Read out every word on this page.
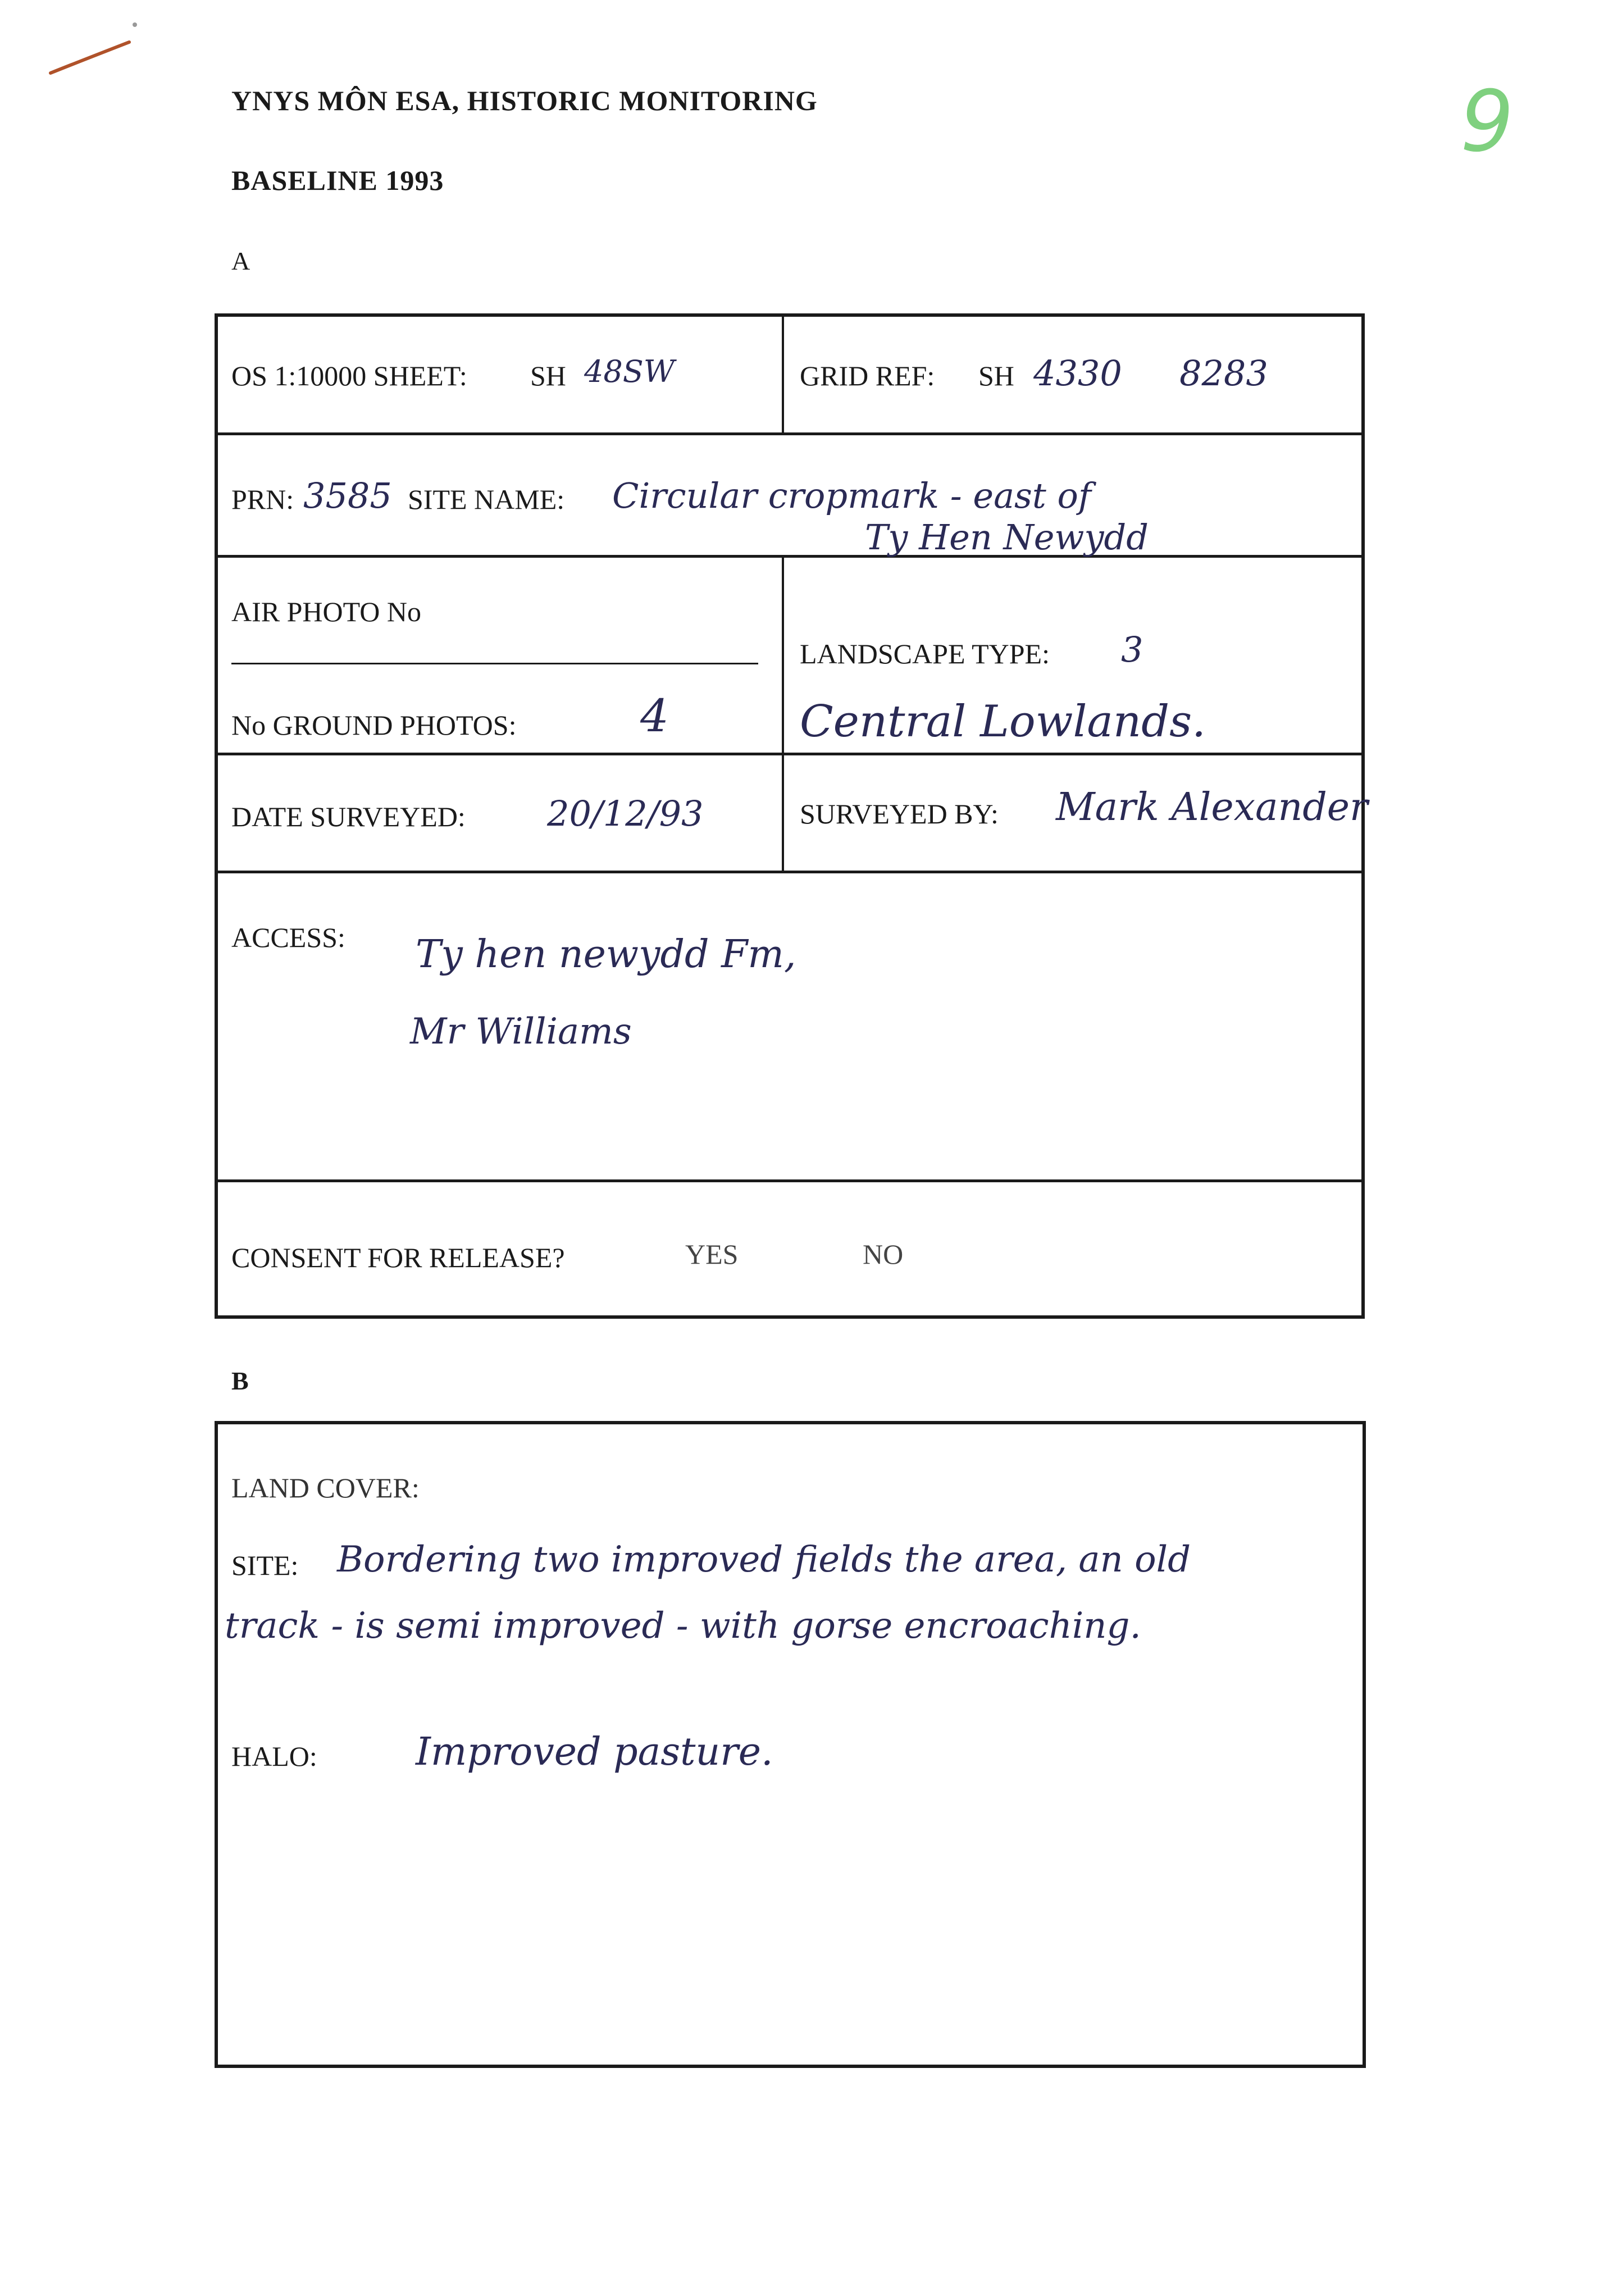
9
YNYS MÔN ESA, HISTORIC MONITORING
BASELINE 1993
A
OS 1:10000 SHEET: SH 48SW	GRID REF: SH 4330 8283
PRN: 3585 SITE NAME: Circular cropmark - east of
Ty Hen Newydd
AIR PHOTO No
No GROUND PHOTOS:	4
LANDSCAPE TYPE: 3
Central Lowlands.
DATE SURVEYED: 20/12/93	SURVEYED BY: Mark Alexander
ACCESS: Ty hen newydd Fm,
Mr Williams
CONSENT FOR RELEASE?	YES	NO
B
LAND COVER:
SITE: Bordering two improved fields the area, an old
track - is semi improved - with gorse encroaching.
HALO:	Improved pasture.
